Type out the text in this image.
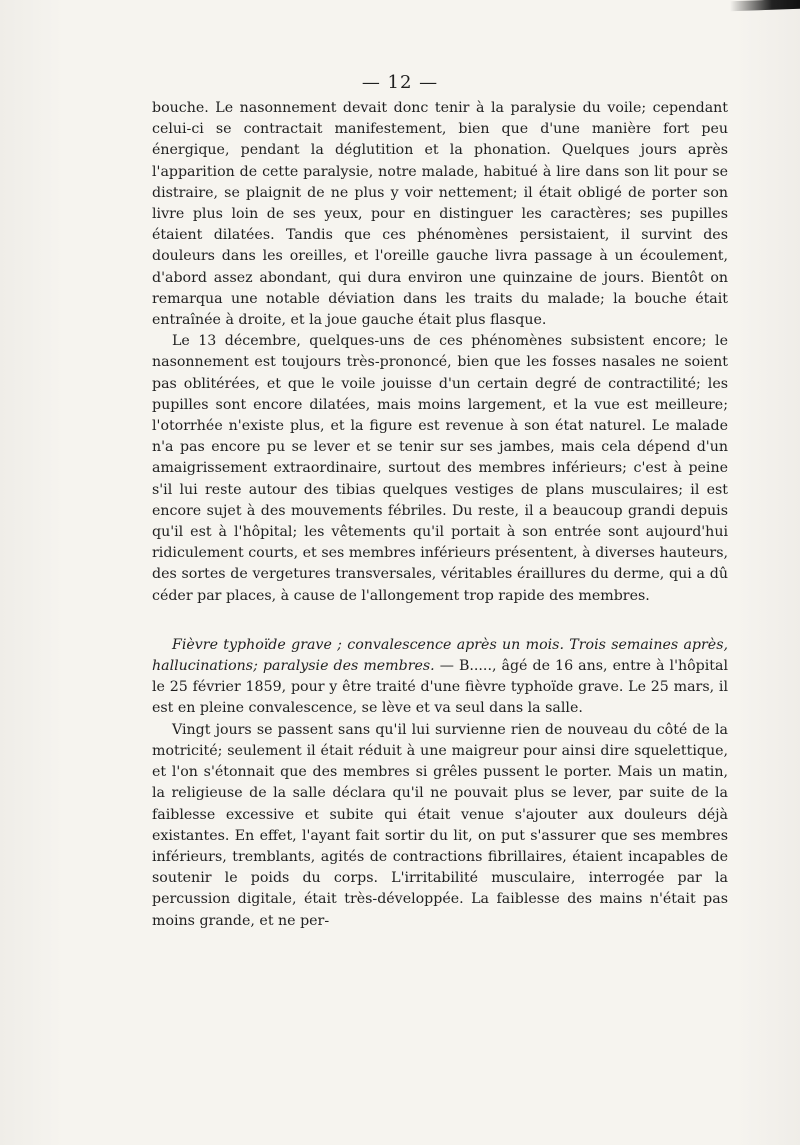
— 12 —

bouche. Le nasonnement devait donc tenir à la paralysie du voile; cependant celui-ci se contractait manifestement, bien que d'une manière fort peu énergique, pendant la déglutition et la phonation. Quelques jours après l'apparition de cette paralysie, notre malade, habitué à lire dans son lit pour se distraire, se plaignit de ne plus y voir nettement; il était obligé de porter son livre plus loin de ses yeux, pour en distinguer les caractères; ses pupilles étaient dilatées. Tandis que ces phénomènes persistaient, il survint des douleurs dans les oreilles, et l'oreille gauche livra passage à un écoulement, d'abord assez abondant, qui dura environ une quinzaine de jours. Bientôt on remarqua une notable déviation dans les traits du malade; la bouche était entraînée à droite, et la joue gauche était plus flasque.

Le 13 décembre, quelques-uns de ces phénomènes subsistent encore; le nasonnement est toujours très-prononcé, bien que les fosses nasales ne soient pas oblitérées, et que le voile jouisse d'un certain degré de contractilité; les pupilles sont encore dilatées, mais moins largement, et la vue est meilleure; l'otorrhée n'existe plus, et la figure est revenue à son état naturel. Le malade n'a pas encore pu se lever et se tenir sur ses jambes, mais cela dépend d'un amaigrissement extraordinaire, surtout des membres inférieurs; c'est à peine s'il lui reste autour des tibias quelques vestiges de plans musculaires; il est encore sujet à des mouvements fébriles. Du reste, il a beaucoup grandi depuis qu'il est à l'hôpital; les vêtements qu'il portait à son entrée sont aujourd'hui ridiculement courts, et ses membres inférieurs présentent, à diverses hauteurs, des sortes de vergetures transversales, véritables éraillures du derme, qui a dû céder par places, à cause de l'allongement trop rapide des membres.

Fièvre typhoïde grave ; convalescence après un mois. Trois semaines après, hallucinations; paralysie des membres. — B....., âgé de 16 ans, entre à l'hôpital le 25 février 1859, pour y être traité d'une fièvre typhoïde grave. Le 25 mars, il est en pleine convalescence, se lève et va seul dans la salle.

Vingt jours se passent sans qu'il lui survienne rien de nouveau du côté de la motricité; seulement il était réduit à une maigreur pour ainsi dire squelettique, et l'on s'étonnait que des membres si grêles pussent le porter. Mais un matin, la religieuse de la salle déclara qu'il ne pouvait plus se lever, par suite de la faiblesse excessive et subite qui était venue s'ajouter aux douleurs déjà existantes. En effet, l'ayant fait sortir du lit, on put s'assurer que ses membres inférieurs, tremblants, agités de contractions fibrillaires, étaient incapables de soutenir le poids du corps. L'irritabilité musculaire, interrogée par la percussion digitale, était très-développée. La faiblesse des mains n'était pas moins grande, et ne per-
